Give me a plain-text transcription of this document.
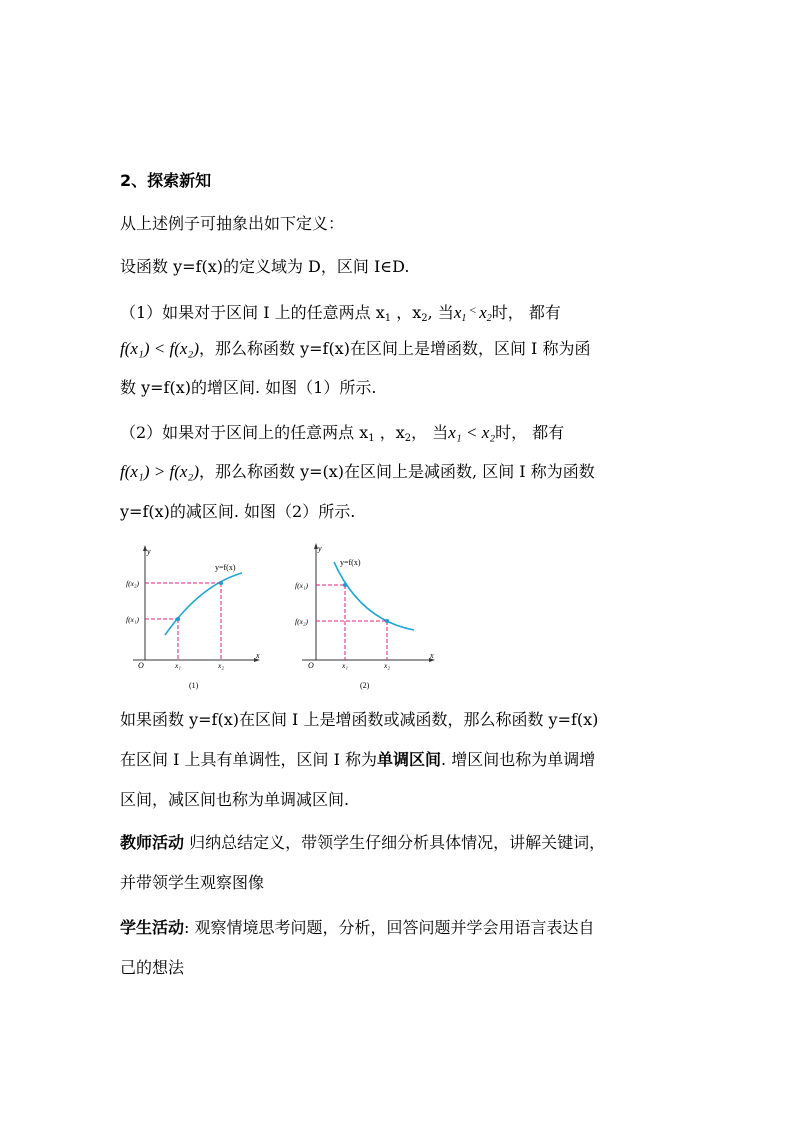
2、探索新知
从上述例子可抽象出如下定义：
设函数 y=f(x)的定义域为 D，区间 I∈D.
（1）如果对于区间 I 上的任意两点 $x_1$ ，$x_2$, 当$x_1$ < $x_2$时， 都有
f(x₁) < f(x₂)，那么称函数 y=f(x)在区间上是增函数，区间 I 称为函
数 y=f(x)的增区间. 如图（1）所示.
（2）如果对于区间上的任意两点 $x_1$ ，$x_2$， 当x₁ < x₂时， 都有
f(x₁) > f(x₂)，那么称函数 y=(x)在区间上是减函数, 区间 I 称为函数
y=f(x)的减区间. 如图（2）所示.
y
x
O
y=f(x)
f(x₂)
f(x₁)
x₁	x₂
(1)
y
x
O
y=f(x)
f(x₁)
f(x₂)
x₁	x₂
(2)
如果函数 y=f(x)在区间 I 上是增函数或减函数，那么称函数 y=f(x)
在区间 I 上具有单调性，区间 I 称为单调区间. 增区间也称为单调增
区间，减区间也称为单调减区间.
教师活动 归纳总结定义，带领学生仔细分析具体情况，讲解关键词，
并带领学生观察图像
学生活动: 观察情境思考问题，分析，回答问题并学会用语言表达自
己的想法
